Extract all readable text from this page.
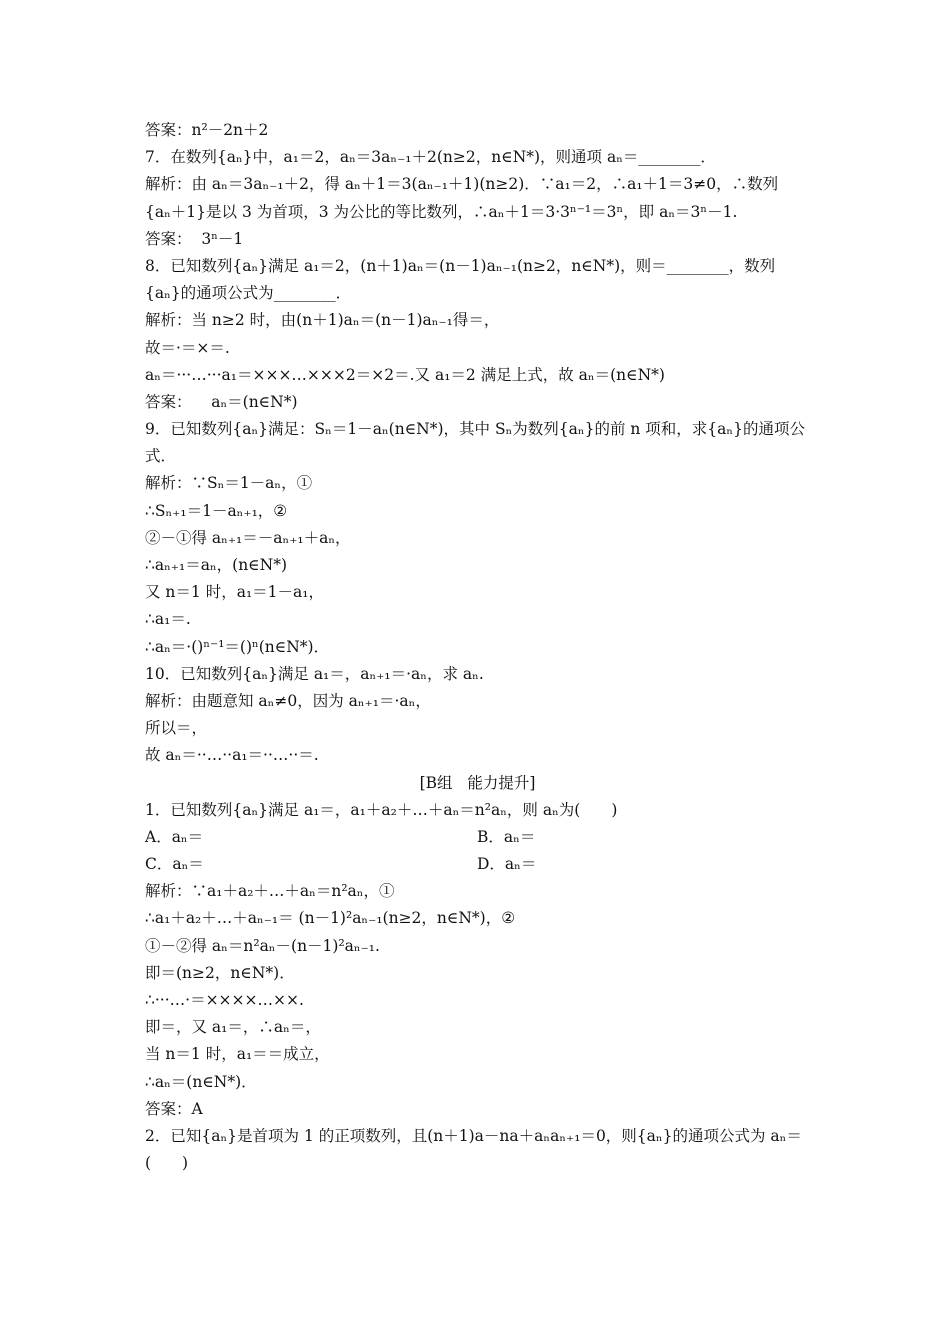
答案：n²－2n＋2
7．在数列{aₙ}中，a₁＝2，aₙ＝3aₙ₋₁＋2(n≥2，n∈N*)，则通项 aₙ＝________．
解析：由 aₙ＝3aₙ₋₁＋2，得 aₙ＋1＝3(aₙ₋₁＋1)(n≥2)．∵a₁＝2，∴a₁＋1＝3≠0，∴数列
{aₙ＋1}是以 3 为首项，3 为公比的等比数列，∴aₙ＋1＝3·3ⁿ⁻¹＝3ⁿ，即 aₙ＝3ⁿ－1.
答案：  3ⁿ－1
8．已知数列{aₙ}满足 a₁＝2，(n＋1)aₙ＝(n－1)aₙ₋₁(n≥2，n∈N*)，则＝________，数列
{aₙ}的通项公式为________．
解析：当 n≥2 时，由(n＋1)aₙ＝(n－1)aₙ₋₁得＝，
故＝·＝×＝.
aₙ＝···…···a₁＝×××…×××2＝×2＝.又 a₁＝2 满足上式，故 aₙ＝(n∈N*)
答案：    aₙ＝(n∈N*)
9．已知数列{aₙ}满足：Sₙ＝1－aₙ(n∈N*)，其中 Sₙ为数列{aₙ}的前 n 项和，求{aₙ}的通项公
式．
解析：∵Sₙ＝1－aₙ，①
∴Sₙ₊₁＝1－aₙ₊₁，②
②－①得 aₙ₊₁＝－aₙ₊₁＋aₙ，
∴aₙ₊₁＝aₙ，(n∈N*)
又 n＝1 时，a₁＝1－a₁，
∴a₁＝.
∴aₙ＝·()ⁿ⁻¹＝()ⁿ(n∈N*)．
10．已知数列{aₙ}满足 a₁＝，aₙ₊₁＝·aₙ，求 aₙ.
解析：由题意知 aₙ≠0，因为 aₙ₊₁＝·aₙ，
所以＝，
故 aₙ＝··…··a₁＝··…··＝.
[B组   能力提升]
1．已知数列{aₙ}满足 a₁＝，a₁＋a₂＋…＋aₙ＝n²aₙ，则 aₙ为(　　)
A．aₙ＝	B．aₙ＝
C．aₙ＝	D．aₙ＝
解析：∵a₁＋a₂＋…＋aₙ＝n²aₙ，①
∴a₁＋a₂＋…＋aₙ₋₁＝ (n－1)²aₙ₋₁(n≥2，n∈N*)，②
①－②得 aₙ＝n²aₙ－(n－1)²aₙ₋₁.
即＝(n≥2，n∈N*)．
∴···…·＝××××…××.
即＝，又 a₁＝，∴aₙ＝，
当 n＝1 时，a₁＝＝成立，
∴aₙ＝(n∈N*)．
答案：A
2．已知{aₙ}是首项为 1 的正项数列，且(n＋1)a－na＋aₙaₙ₊₁＝0，则{aₙ}的通项公式为 aₙ＝
(　　)
